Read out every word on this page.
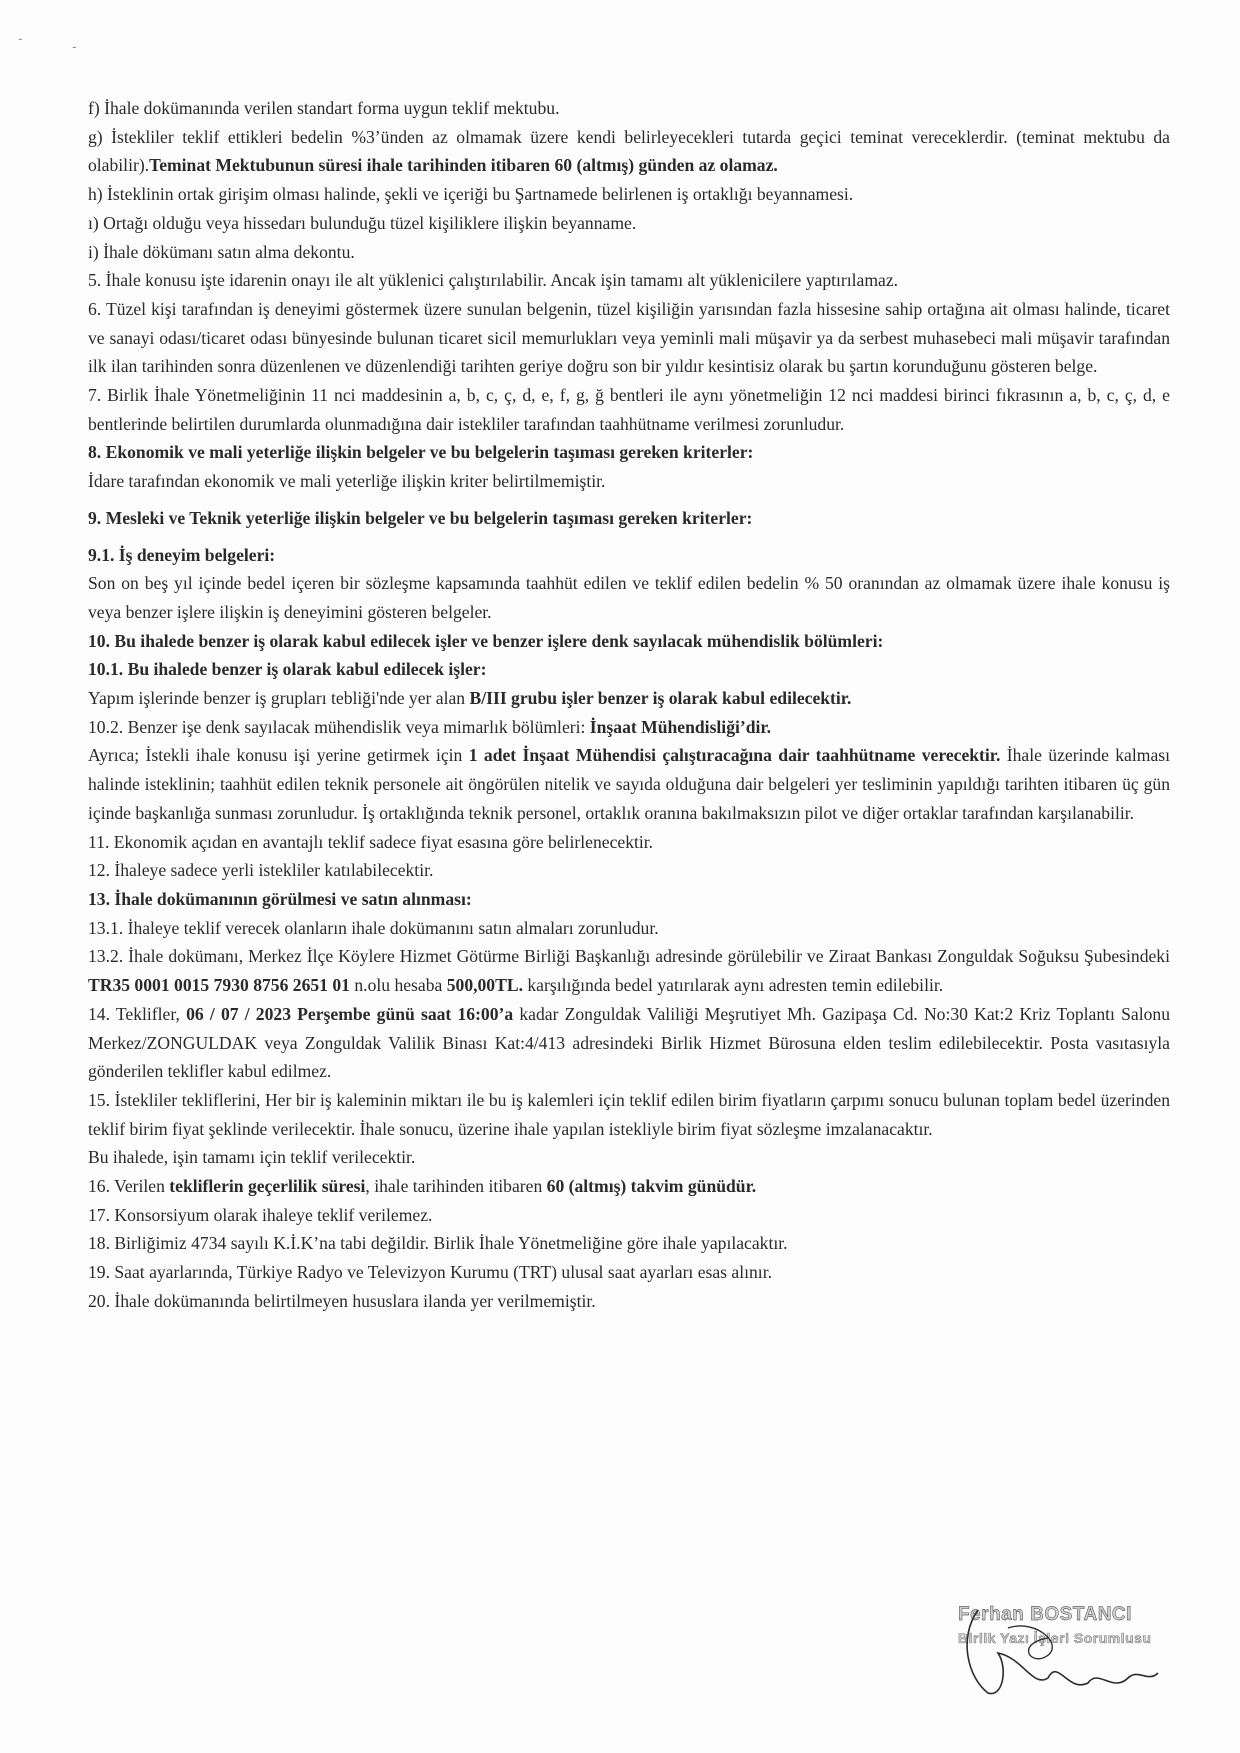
-	-

f) İhale dokümanında verilen standart forma uygun teklif mektubu.

g) İstekliler teklif ettikleri bedelin %3’ünden az olmamak üzere kendi belirleyecekleri tutarda geçici teminat vereceklerdir. (teminat mektubu da olabilir).Teminat Mektubunun süresi ihale tarihinden itibaren 60 (altmış) günden az olamaz.

h) İsteklinin ortak girişim olması halinde, şekli ve içeriği bu Şartnamede belirlenen iş ortaklığı beyannamesi.

ı) Ortağı olduğu veya hissedarı bulunduğu tüzel kişiliklere ilişkin beyanname.

i) İhale dökümanı satın alma dekontu.

5. İhale konusu işte idarenin onayı ile alt yüklenici çalıştırılabilir. Ancak işin tamamı alt yüklenicilere yaptırılamaz.

6. Tüzel kişi tarafından iş deneyimi göstermek üzere sunulan belgenin, tüzel kişiliğin yarısından fazla hissesine sahip ortağına ait olması halinde, ticaret ve sanayi odası/ticaret odası bünyesinde bulunan ticaret sicil memurlukları veya yeminli mali müşavir ya da serbest muhasebeci mali müşavir tarafından ilk ilan tarihinden sonra düzenlenen ve düzenlendiği tarihten geriye doğru son bir yıldır kesintisiz olarak bu şartın korunduğunu gösteren belge.

7. Birlik İhale Yönetmeliğinin 11 nci maddesinin a, b, c, ç, d, e, f, g, ğ bentleri ile aynı yönetmeliğin 12 nci maddesi birinci fıkrasının a, b, c, ç, d, e bentlerinde belirtilen durumlarda olunmadığına dair istekliler tarafından taahhütname verilmesi zorunludur.

8. Ekonomik ve mali yeterliğe ilişkin belgeler ve bu belgelerin taşıması gereken kriterler:

İdare tarafından ekonomik ve mali yeterliğe ilişkin kriter belirtilmemiştir.

9. Mesleki ve Teknik yeterliğe ilişkin belgeler ve bu belgelerin taşıması gereken kriterler:

9.1. İş deneyim belgeleri:

Son on beş yıl içinde bedel içeren bir sözleşme kapsamında taahhüt edilen ve teklif edilen bedelin % 50 oranından az olmamak üzere ihale konusu iş veya benzer işlere ilişkin iş deneyimini gösteren belgeler.

10. Bu ihalede benzer iş olarak kabul edilecek işler ve benzer işlere denk sayılacak mühendislik bölümleri:

10.1. Bu ihalede benzer iş olarak kabul edilecek işler:

Yapım işlerinde benzer iş grupları tebliği'nde yer alan B/III grubu işler benzer iş olarak kabul edilecektir.

10.2. Benzer işe denk sayılacak mühendislik veya mimarlık bölümleri: İnşaat Mühendisliği’dir.

Ayrıca; İstekli ihale konusu işi yerine getirmek için 1 adet İnşaat Mühendisi çalıştıracağına dair taahhütname verecektir. İhale üzerinde kalması halinde isteklinin; taahhüt edilen teknik personele ait öngörülen nitelik ve sayıda olduğuna dair belgeleri yer tesliminin yapıldığı tarihten itibaren üç gün içinde başkanlığa sunması zorunludur. İş ortaklığında teknik personel, ortaklık oranına bakılmaksızın pilot ve diğer ortaklar tarafından karşılanabilir.

11. Ekonomik açıdan en avantajlı teklif sadece fiyat esasına göre belirlenecektir.

12. İhaleye sadece yerli istekliler katılabilecektir.

13. İhale dokümanının görülmesi ve satın alınması:

13.1. İhaleye teklif verecek olanların ihale dokümanını satın almaları zorunludur.

13.2. İhale dokümanı, Merkez İlçe Köylere Hizmet Götürme Birliği Başkanlığı adresinde görülebilir ve Ziraat Bankası Zonguldak Soğuksu Şubesindeki TR35 0001 0015 7930 8756 2651 01 n.olu hesaba 500,00TL. karşılığında bedel yatırılarak aynı adresten temin edilebilir.

14. Teklifler, 06 / 07 / 2023 Perşembe günü saat 16:00’a kadar Zonguldak Valiliği Meşrutiyet Mh. Gazipaşa Cd. No:30 Kat:2 Kriz Toplantı Salonu Merkez/ZONGULDAK veya Zonguldak Valilik Binası Kat:4/413 adresindeki Birlik Hizmet Bürosuna elden teslim edilebilecektir. Posta vasıtasıyla gönderilen teklifler kabul edilmez.

15. İstekliler tekliflerini, Her bir iş kaleminin miktarı ile bu iş kalemleri için teklif edilen birim fiyatların çarpımı sonucu bulunan toplam bedel üzerinden teklif birim fiyat şeklinde verilecektir. İhale sonucu, üzerine ihale yapılan istekliyle birim fiyat sözleşme imzalanacaktır.

Bu ihalede, işin tamamı için teklif verilecektir.

16. Verilen tekliflerin geçerlilik süresi, ihale tarihinden itibaren 60 (altmış) takvim günüdür.

17. Konsorsiyum olarak ihaleye teklif verilemez.

18. Birliğimiz 4734 sayılı K.İ.K’na tabi değildir. Birlik İhale Yönetmeliğine göre ihale yapılacaktır.

19. Saat ayarlarında, Türkiye Radyo ve Televizyon Kurumu (TRT) ulusal saat ayarları esas alınır.

20. İhale dokümanında belirtilmeyen hususlara ilanda yer verilmemiştir.

Ferhan BOSTANCI
Birlik Yazı İşleri Sorumlusu
